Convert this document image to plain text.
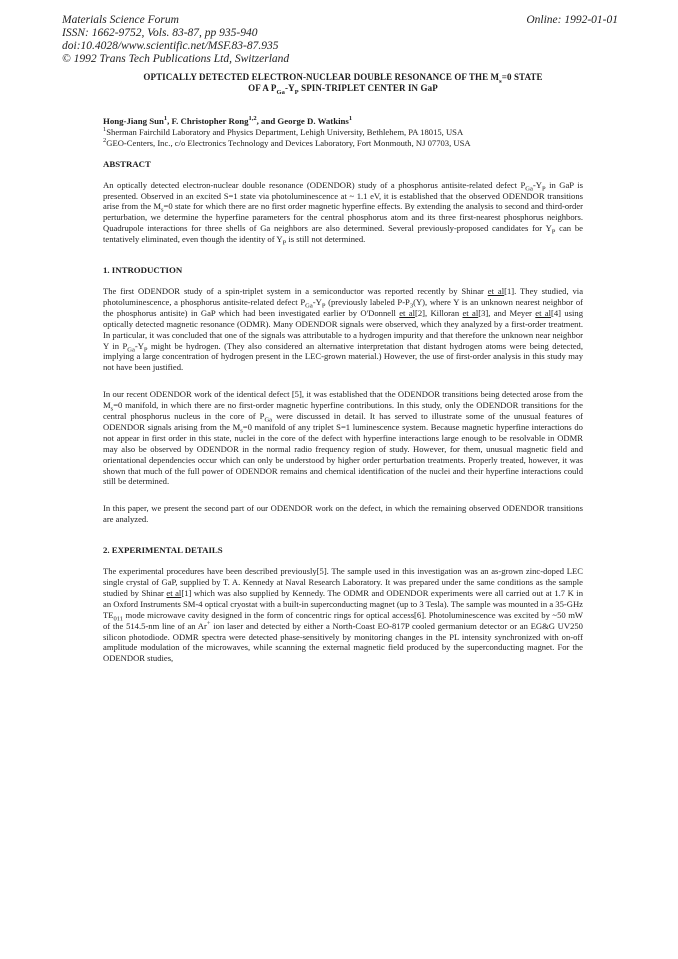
Materials Science Forum
ISSN: 1662-9752, Vols. 83-87, pp 935-940
doi:10.4028/www.scientific.net/MSF.83-87.935
© 1992 Trans Tech Publications Ltd, Switzerland
Online: 1992-01-01
OPTICALLY DETECTED ELECTRON-NUCLEAR DOUBLE RESONANCE OF THE $M_s=0$ STATE
OF A $P_{Ga}-Y_P$ SPIN-TRIPLET CENTER IN GaP

Hong-Jiang Sun$^1$, F. Christopher Rong$^{1,2}$, and George D. Watkins$^1$

$^1$Sherman Fairchild Laboratory and Physics Department, Lehigh University, Bethlehem, PA 18015, USA

$^2$GEO-Centers, Inc., c/o Electronics Technology and Devices Laboratory, Fort Monmouth, NJ 07703, USA

ABSTRACT

An optically detected electron-nuclear double resonance (ODENDOR) study of a phosphorus antisite-related defect $P_{Ga}-Y_P$ in GaP is presented. Observed in an excited S=1 state via photoluminescence at ~ 1.1 eV, it is established that the observed ODENDOR transitions arise from the $M_s=0$ state for which there are no first order magnetic hyperfine effects. By extending the analysis to second and third-order perturbation, we determine the hyperfine parameters for the central phosphorus atom and its three first-nearest phosphorus neighbors. Quadrupole interactions for three shells of Ga neighbors are also determined. Several previously-proposed candidates for $Y_P$ can be tentatively eliminated, even though the identity of $Y_P$ is still not determined.

1. INTRODUCTION

The first ODENDOR study of a spin-triplet system in a semiconductor was reported recently by Shinar et al[1]. They studied, via photoluminescence, a phosphorus antisite-related defect $P_{Ga}-Y_P$ (previously labeled $P-P_3(Y)$, where Y is an unknown nearest neighbor of the phosphorus antisite) in GaP which had been investigated earlier by O'Donnell et al[2], Killoran et al[3], and Meyer et al[4] using optically detected magnetic resonance (ODMR). Many ODENDOR signals were observed, which they analyzed by a first-order treatment. In particular, it was concluded that one of the signals was attributable to a hydrogen impurity and that therefore the unknown near neighbor Y in $P_{Ga}-Y_P$ might be hydrogen. (They also considered an alternative interpretation that distant hydrogen atoms were being detected, implying a large concentration of hydrogen present in the LEC-grown material.) However, the use of first-order analysis in this study may not have been justified.

In our recent ODENDOR work of the identical defect [5], it was established that the ODENDOR transitions being detected arose from the $M_s=0$ manifold, in which there are no first-order magnetic hyperfine contributions. In this study, only the ODENDOR transitions for the central phosphorus nucleus in the core of $P_{Ga}$ were discussed in detail. It has served to illustrate some of the unusual features of ODENDOR signals arising from the $M_s=0$ manifold of any triplet S=1 luminescence system. Because magnetic hyperfine interactions do not appear in first order in this state, nuclei in the core of the defect with hyperfine interactions large enough to be resolvable in ODMR may also be observed by ODENDOR in the normal radio frequency region of study. However, for them, unusual magnetic field and orientational dependencies occur which can only be understood by higher order perturbation treatments. Properly treated, however, it was shown that much of the full power of ODENDOR remains and chemical identification of the nuclei and their hyperfine interactions could still be determined.

In this paper, we present the second part of our ODENDOR work on the defect, in which the remaining observed ODENDOR transitions are analyzed.

2. EXPERIMENTAL DETAILS

The experimental procedures have been described previously[5]. The sample used in this investigation was an as-grown zinc-doped LEC single crystal of GaP, supplied by T. A. Kennedy at Naval Research Laboratory. It was prepared under the same conditions as the sample studied by Shinar et al[1] which was also supplied by Kennedy. The ODMR and ODENDOR experiments were all carried out at 1.7 K in an Oxford Instruments SM-4 optical cryostat with a built-in superconducting magnet (up to 3 Tesla). The sample was mounted in a 35-GHz $TE_{011}$ mode microwave cavity designed in the form of concentric rings for optical access[6]. Photoluminescence was excited by ~50 mW of the 514.5-nm line of an Ar+ ion laser and detected by either a North-Coast EO-817P cooled germanium detector or an EG&G UV250 silicon photodiode. ODMR spectra were detected phase-sensitively by monitoring changes in the PL intensity synchronized with on-off amplitude modulation of the microwaves, while scanning the external magnetic field produced by the superconducting magnet. For the ODENDOR studies,
